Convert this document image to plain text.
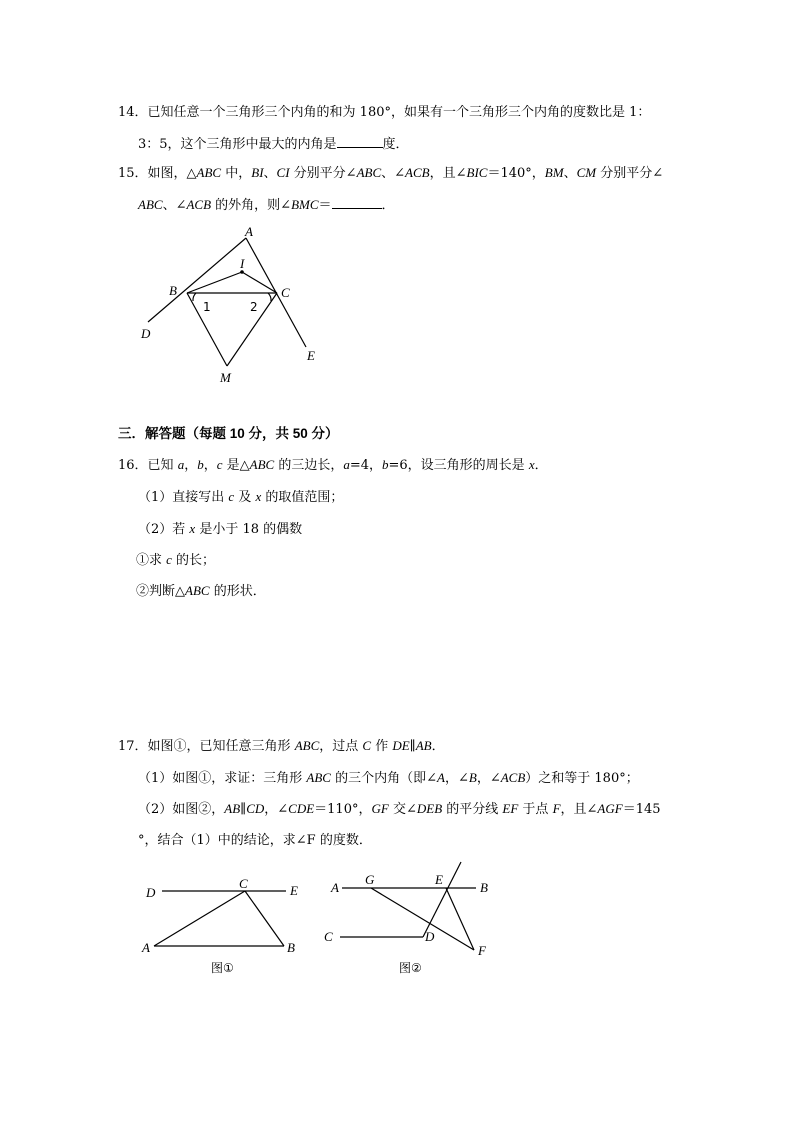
14．已知任意一个三角形三个内角的和为 180°，如果有一个三角形三个内角的度数比是 1：
3：5，这个三角形中最大的内角是	度．
15．如图，△ABC 中，BI、CI 分别平分∠ABC、∠ACB，且∠BIC＝140°，BM、CM 分别平分∠
ABC、∠ACB 的外角，则∠BMC＝	．
A
I
B	C
D
E
M
1	2
三．解答题（每题 10 分，共 50 分）
16．已知 a，b，c 是△ABC 的三边长，a=4，b=6，设三角形的周长是 x．
（1）直接写出 c 及 x 的取值范围；
（2）若 x 是小于 18 的偶数
①求 c 的长；
②判断△ABC 的形状．
17．如图①，已知任意三角形 ABC，过点 C 作 DE∥AB．
（1）如图①，求证：三角形 ABC 的三个内角（即∠A，∠B，∠ACB）之和等于 180°；
（2）如图②，AB∥CD，∠CDE＝110°，GF 交∠DEB 的平分线 EF 于点 F，且∠AGF＝145
°，结合（1）中的结论，求∠F 的度数．
D
C	E
A	B
图①
A
G	E
B
C	D
F
图②
